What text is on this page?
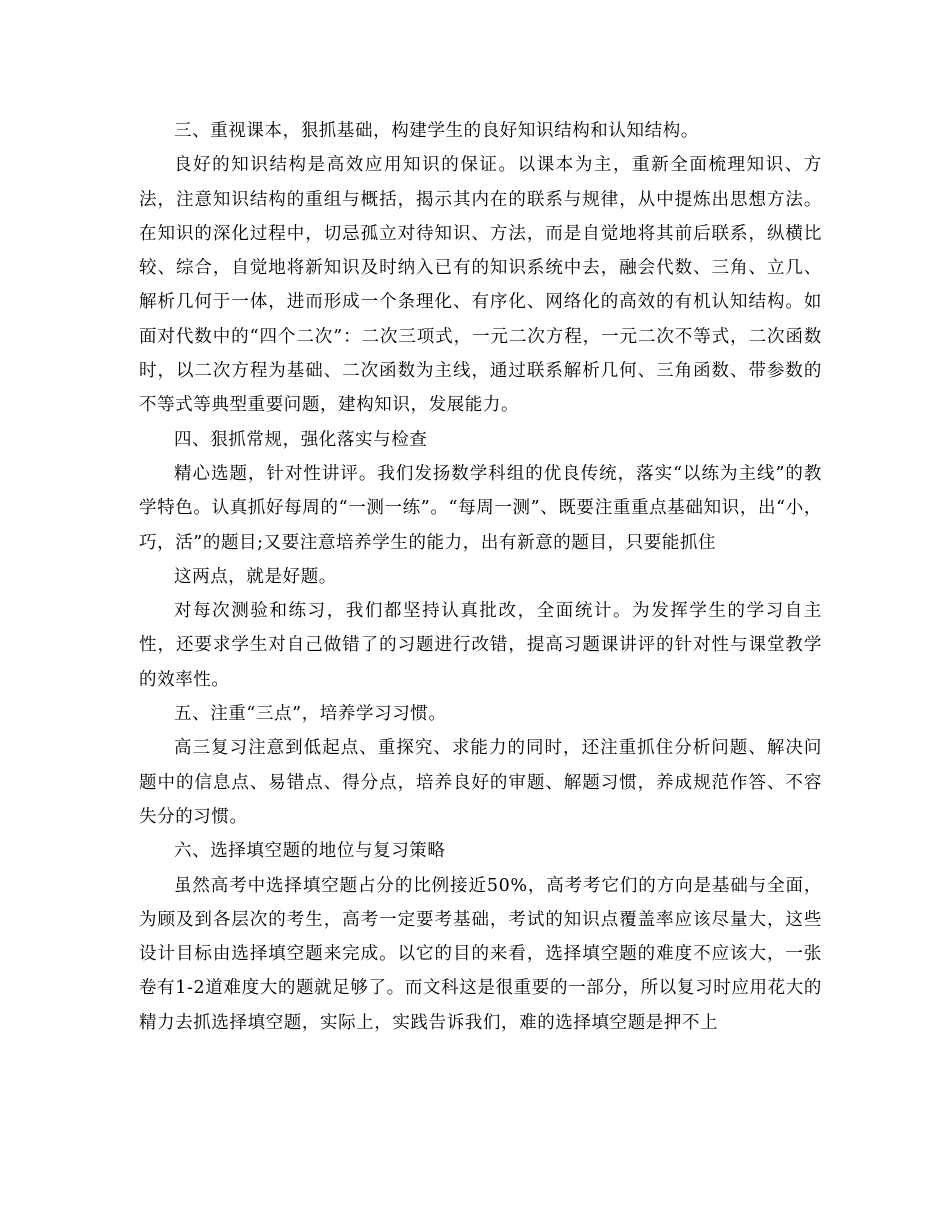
三、重视课本，狠抓基础，构建学生的良好知识结构和认知结构。

良好的知识结构是高效应用知识的保证。以课本为主，重新全面梳理知识、方法，注意知识结构的重组与概括，揭示其内在的联系与规律，从中提炼出思想方法。在知识的深化过程中，切忌孤立对待知识、方法，而是自觉地将其前后联系，纵横比较、综合，自觉地将新知识及时纳入已有的知识系统中去，融会代数、三角、立几、解析几何于一体，进而形成一个条理化、有序化、网络化的高效的有机认知结构。如面对代数中的“四个二次”：二次三项式，一元二次方程，一元二次不等式，二次函数时，以二次方程为基础、二次函数为主线，通过联系解析几何、三角函数、带参数的不等式等典型重要问题，建构知识，发展能力。

四、狠抓常规，强化落实与检查

精心选题，针对性讲评。我们发扬数学科组的优良传统，落实“以练为主线”的教学特色。认真抓好每周的“一测一练”。“每周一测”、既要注重重点基础知识，出“小，巧，活”的题目;又要注意培养学生的能力，出有新意的题目，只要能抓住

这两点，就是好题。

对每次测验和练习，我们都坚持认真批改，全面统计。为发挥学生的学习自主性，还要求学生对自己做错了的习题进行改错，提高习题课讲评的针对性与课堂教学的效率性。

五、注重“三点”，培养学习习惯。

高三复习注意到低起点、重探究、求能力的同时，还注重抓住分析问题、解决问题中的信息点、易错点、得分点，培养良好的审题、解题习惯，养成规范作答、不容失分的习惯。

六、选择填空题的地位与复习策略

虽然高考中选择填空题占分的比例接近50%，高考考它们的方向是基础与全面，为顾及到各层次的考生，高考一定要考基础，考试的知识点覆盖率应该尽量大，这些设计目标由选择填空题来完成。以它的目的来看，选择填空题的难度不应该大，一张卷有1-2道难度大的题就足够了。而文科这是很重要的一部分，所以复习时应用花大的精力去抓选择填空题，实际上，实践告诉我们，难的选择填空题是押不上
